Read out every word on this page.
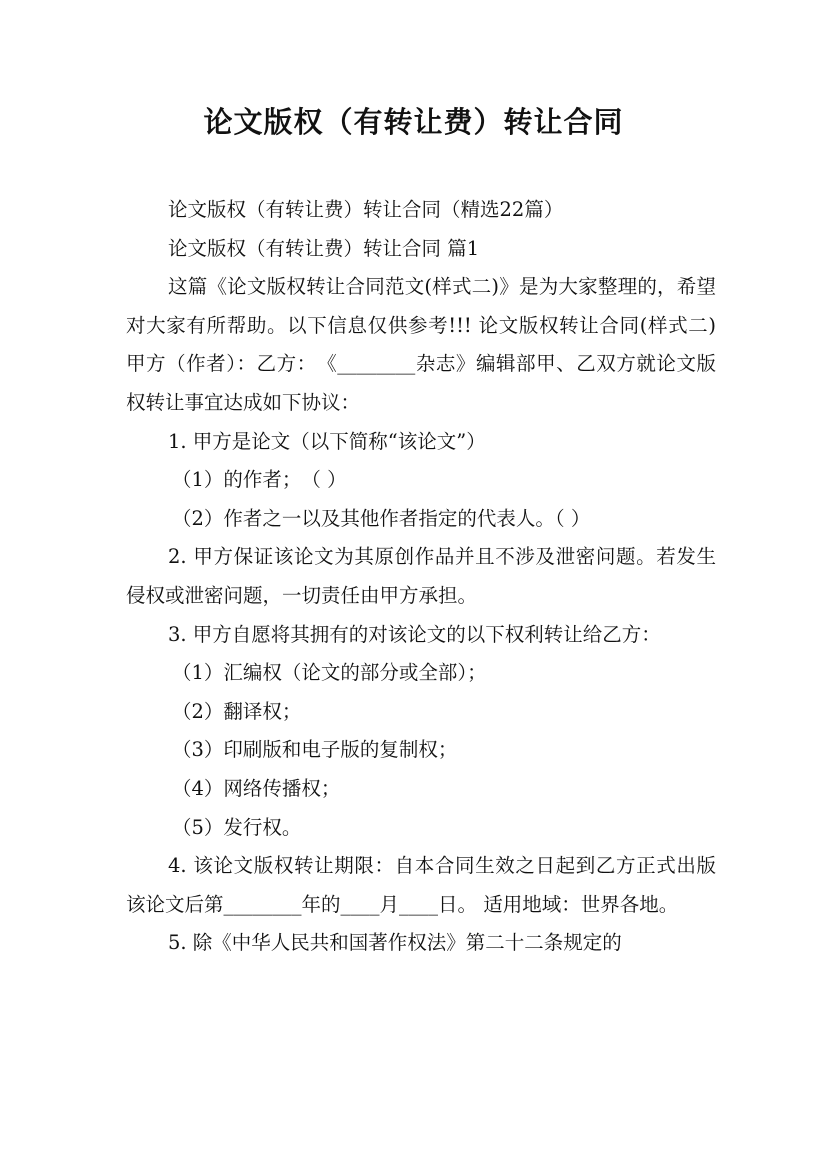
论文版权（有转让费）转让合同

论文版权（有转让费）转让合同（精选22篇）

论文版权（有转让费）转让合同 篇1

这篇《论文版权转让合同范文(样式二)》是为大家整理的，希望对大家有所帮助。以下信息仅供参考!!! 论文版权转让合同(样式二)甲方（作者）：乙方：　《________杂志》编辑部甲、乙双方就论文版权转让事宜达成如下协议：

1. 甲方是论文（以下简称“该论文”）

（1）的作者；　（ ）

（2）作者之一以及其他作者指定的代表人。（ ）

2. 甲方保证该论文为其原创作品并且不涉及泄密问题。若发生侵权或泄密问题，一切责任由甲方承担。

3. 甲方自愿将其拥有的对该论文的以下权利转让给乙方：

（1）汇编权（论文的部分或全部）；

（2）翻译权；

（3）印刷版和电子版的复制权；

（4）网络传播权；

（5）发行权。

4. 该论文版权转让期限：自本合同生效之日起到乙方正式出版该论文后第________年的____月____日。 适用地域：世界各地。

5. 除《中华人民共和国著作权法》第二十二条规定的
